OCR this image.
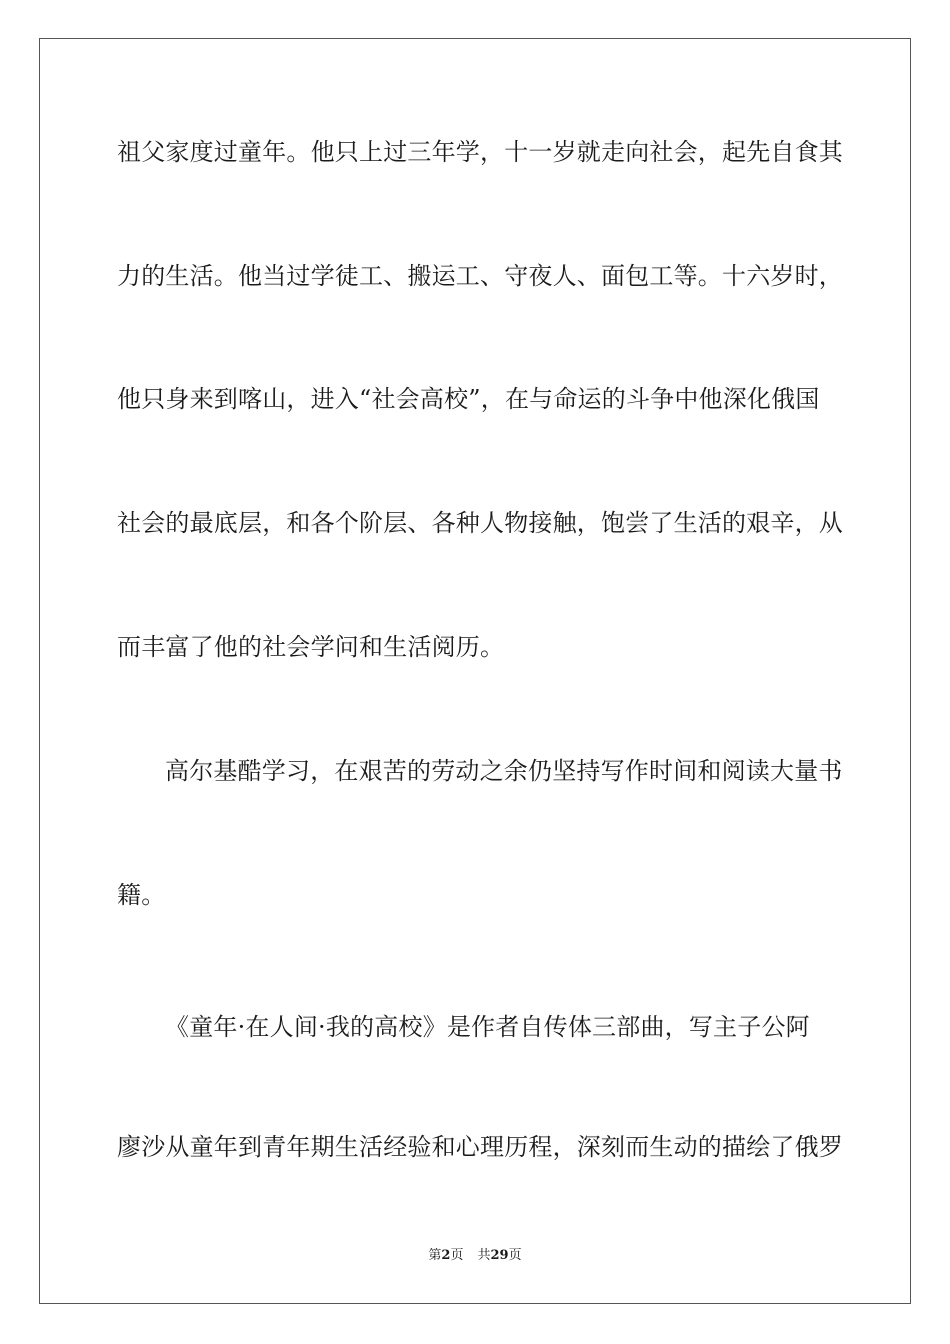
祖父家度过童年。他只上过三年学，十一岁就走向社会，起先自食其
力的生活。他当过学徒工、搬运工、守夜人、面包工等。十六岁时，
他只身来到喀山，进入“社会高校”，在与命运的斗争中他深化俄国
社会的最底层，和各个阶层、各种人物接触，饱尝了生活的艰辛，从
而丰富了他的社会学问和生活阅历。
高尔基酷学习，在艰苦的劳动之余仍坚持写作时间和阅读大量书
籍。
《童年·在人间·我的高校》是作者自传体三部曲，写主子公阿
廖沙从童年到青年期生活经验和心理历程，深刻而生动的描绘了俄罗
第2页 共29页
